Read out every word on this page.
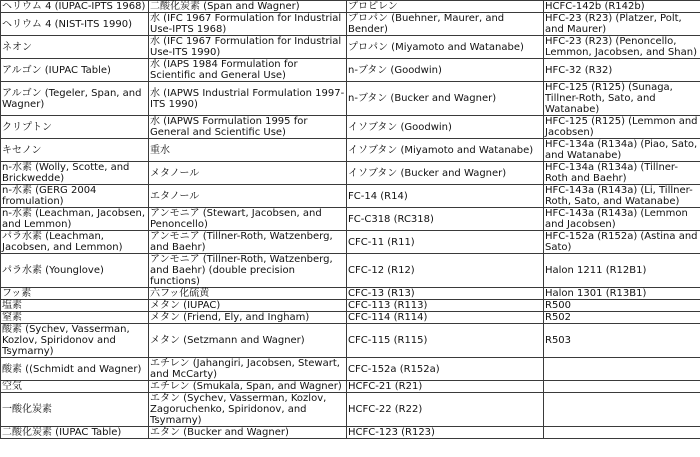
ヘリウム 4 (IUPAC-IPTS 1968)	二酸化炭素 (Span and Wagner)	プロピレン	HCFC-142b (R142b)
ヘリウム 4 (NIST-ITS 1990)	水 (IFC 1967 Formulation for Industrial Use-IPTS 1968)	プロパン (Buehner, Maurer, and Bender)	HFC-23 (R23) (Platzer, Polt, and Maurer)
ネオン	水 (IFC 1967 Formulation for Industrial Use-ITS 1990)	プロパン (Miyamoto and Watanabe)	HFC-23 (R23) (Penoncello, Lemmon, Jacobsen, and Shan)
アルゴン (IUPAC Table)	水 (IAPS 1984 Formulation for Scientific and General Use)	n-ブタン (Goodwin)	HFC-32 (R32)
アルゴン (Tegeler, Span, and Wagner)	水 (IAPWS Industrial Formulation 1997-ITS 1990)	n-ブタン (Bucker and Wagner)	HFC-125 (R125) (Sunaga, Tillner-Roth, Sato, and Watanabe)
クリプトン	水 (IAPWS Formulation 1995 for General and Scientific Use)	イソブタン (Goodwin)	HFC-125 (R125) (Lemmon and Jacobsen)
キセノン	重水	イソブタン (Miyamoto and Watanabe)	HFC-134a (R134a) (Piao, Sato, and Watanabe)
n-水素 (Wolly, Scotte, and Brickwedde)	メタノール	イソブタン (Bucker and Wagner)	HFC-134a (R134a) (Tillner-Roth and Baehr)
n-水素 (GERG 2004 fromulation)	エタノール	FC-14 (R14)	HFC-143a (R143a) (Li, Tillner-Roth, Sato, and Watanabe)
n-水素 (Leachman, Jacobsen, and Lemmon)	アンモニア (Stewart, Jacobsen, and Penoncello)	FC-C318 (RC318)	HFC-143a (R143a) (Lemmon and Jacobsen)
パラ水素 (Leachman, Jacobsen, and Lemmon)	アンモニア (Tillner-Roth, Watzenberg, and Baehr)	CFC-11 (R11)	HFC-152a (R152a) (Astina and Sato)
パラ水素 (Younglove)	アンモニア (Tillner-Roth, Watzenberg, and Baehr) (double precision functions)	CFC-12 (R12)	Halon 1211 (R12B1)
フッ素	六フッ化硫黄	CFC-13 (R13)	Halon 1301 (R13B1)
塩素	メタン (IUPAC)	CFC-113 (R113)	R500
窒素	メタン (Friend, Ely, and Ingham)	CFC-114 (R114)	R502
酸素 (Sychev, Vasserman, Kozlov, Spiridonov and Tsymarny)	メタン (Setzmann and Wagner)	CFC-115 (R115)	R503
酸素 ((Schmidt and Wagner)	エチレン (Jahangiri, Jacobsen, Stewart, and McCarty)	CFC-152a (R152a)	
空気	エチレン (Smukala, Span, and Wagner)	HCFC-21 (R21)	
一酸化炭素	エタン (Sychev, Vasserman, Kozlov, Zagoruchenko, Spiridonov, and Tsymarny)	HCFC-22 (R22)	
二酸化炭素 (IUPAC Table)	エタン (Bucker and Wagner)	HCFC-123 (R123)	
